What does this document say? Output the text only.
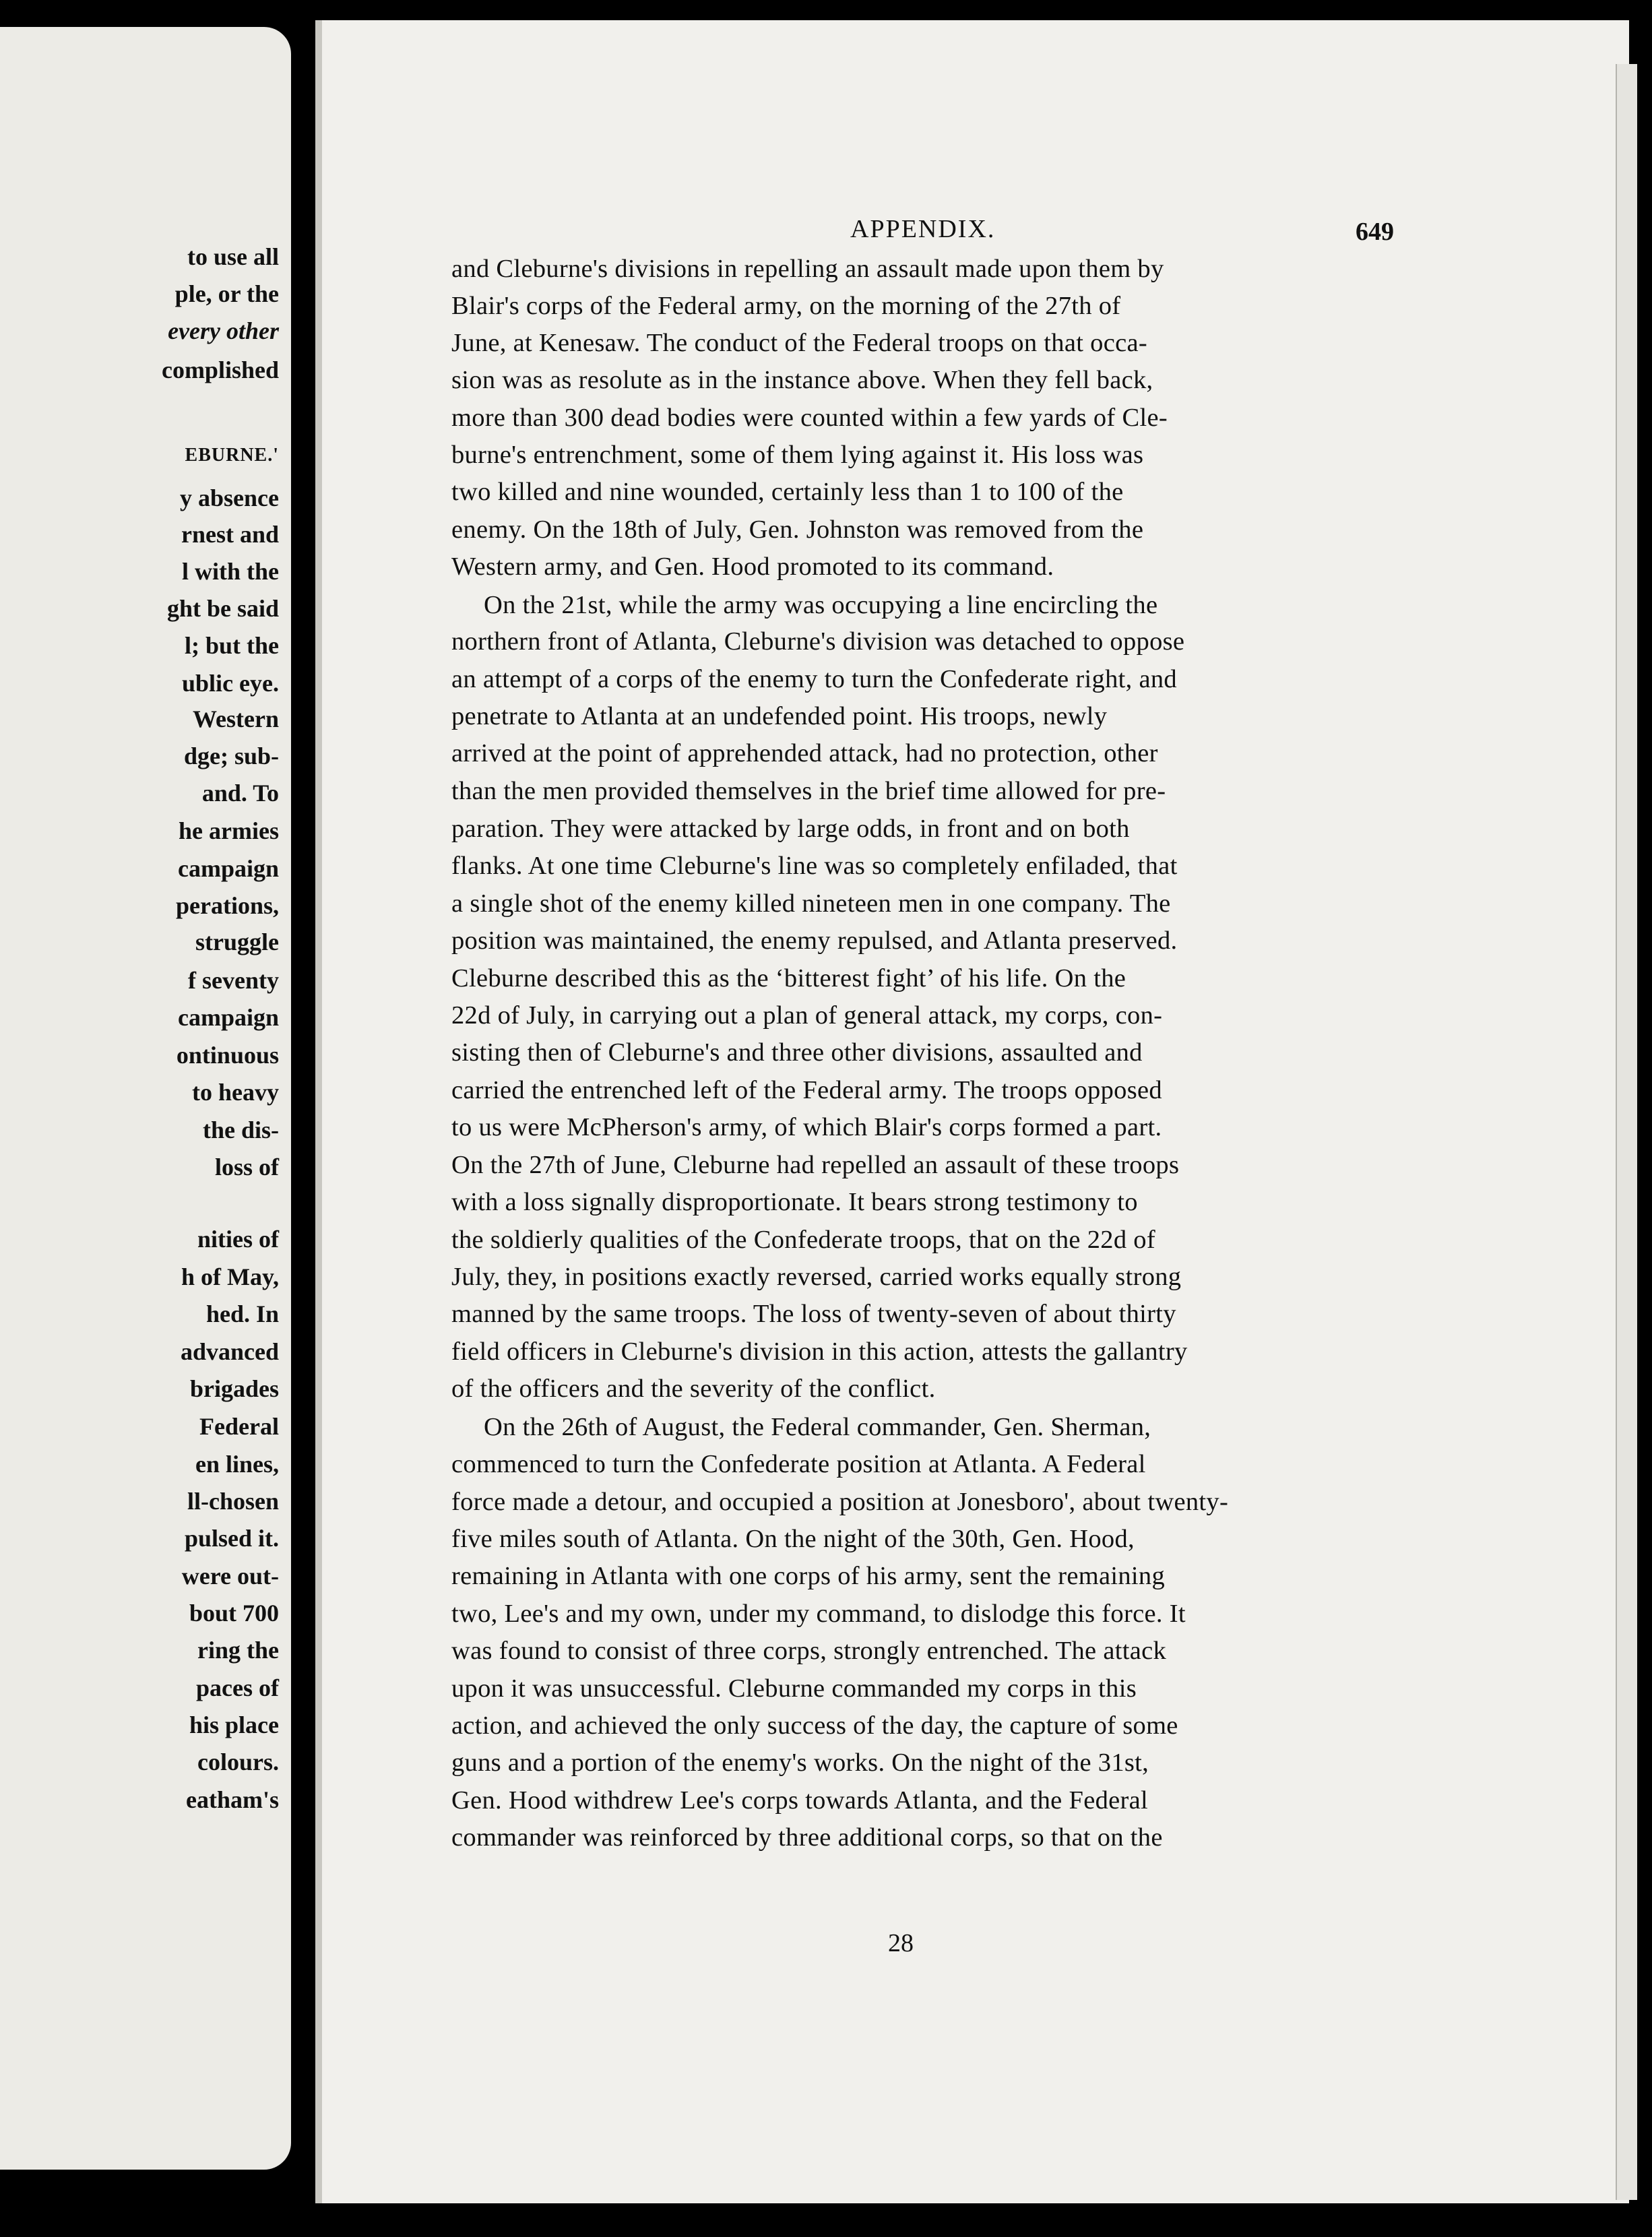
to use all
ple, or the
every other
complished
EBURNE.'
y absence
rnest and
l with the
ght be said
l; but the
ublic eye.
Western
dge; sub-
and. To
he armies
campaign
perations,
struggle
f seventy
campaign
ontinuous
to heavy
the dis-
loss of
nities of
h of May,
hed. In
advanced
brigades
Federal
en lines,
ll-chosen
pulsed it.
were out-
bout 700
ring the
paces of
his place
colours.
eatham's
APPENDIX.	649
and Cleburne's divisions in repelling an assault made upon them by
Blair's corps of the Federal army, on the morning of the 27th of
June, at Kenesaw. The conduct of the Federal troops on that occa-
sion was as resolute as in the instance above. When they fell back,
more than 300 dead bodies were counted within a few yards of Cle-
burne's entrenchment, some of them lying against it. His loss was
two killed and nine wounded, certainly less than 1 to 100 of the
enemy. On the 18th of July, Gen. Johnston was removed from the
Western army, and Gen. Hood promoted to its command.
On the 21st, while the army was occupying a line encircling the
northern front of Atlanta, Cleburne's division was detached to oppose
an attempt of a corps of the enemy to turn the Confederate right, and
penetrate to Atlanta at an undefended point. His troops, newly
arrived at the point of apprehended attack, had no protection, other
than the men provided themselves in the brief time allowed for pre-
paration. They were attacked by large odds, in front and on both
flanks. At one time Cleburne's line was so completely enfiladed, that
a single shot of the enemy killed nineteen men in one company. The
position was maintained, the enemy repulsed, and Atlanta preserved.
Cleburne described this as the ‘bitterest fight’ of his life. On the
22d of July, in carrying out a plan of general attack, my corps, con-
sisting then of Cleburne's and three other divisions, assaulted and
carried the entrenched left of the Federal army. The troops opposed
to us were McPherson's army, of which Blair's corps formed a part.
On the 27th of June, Cleburne had repelled an assault of these troops
with a loss signally disproportionate. It bears strong testimony to
the soldierly qualities of the Confederate troops, that on the 22d of
July, they, in positions exactly reversed, carried works equally strong
manned by the same troops. The loss of twenty-seven of about thirty
field officers in Cleburne's division in this action, attests the gallantry
of the officers and the severity of the conflict.
On the 26th of August, the Federal commander, Gen. Sherman,
commenced to turn the Confederate position at Atlanta. A Federal
force made a detour, and occupied a position at Jonesboro', about twenty-
five miles south of Atlanta. On the night of the 30th, Gen. Hood,
remaining in Atlanta with one corps of his army, sent the remaining
two, Lee's and my own, under my command, to dislodge this force. It
was found to consist of three corps, strongly entrenched. The attack
upon it was unsuccessful. Cleburne commanded my corps in this
action, and achieved the only success of the day, the capture of some
guns and a portion of the enemy's works. On the night of the 31st,
Gen. Hood withdrew Lee's corps towards Atlanta, and the Federal
commander was reinforced by three additional corps, so that on the
28
